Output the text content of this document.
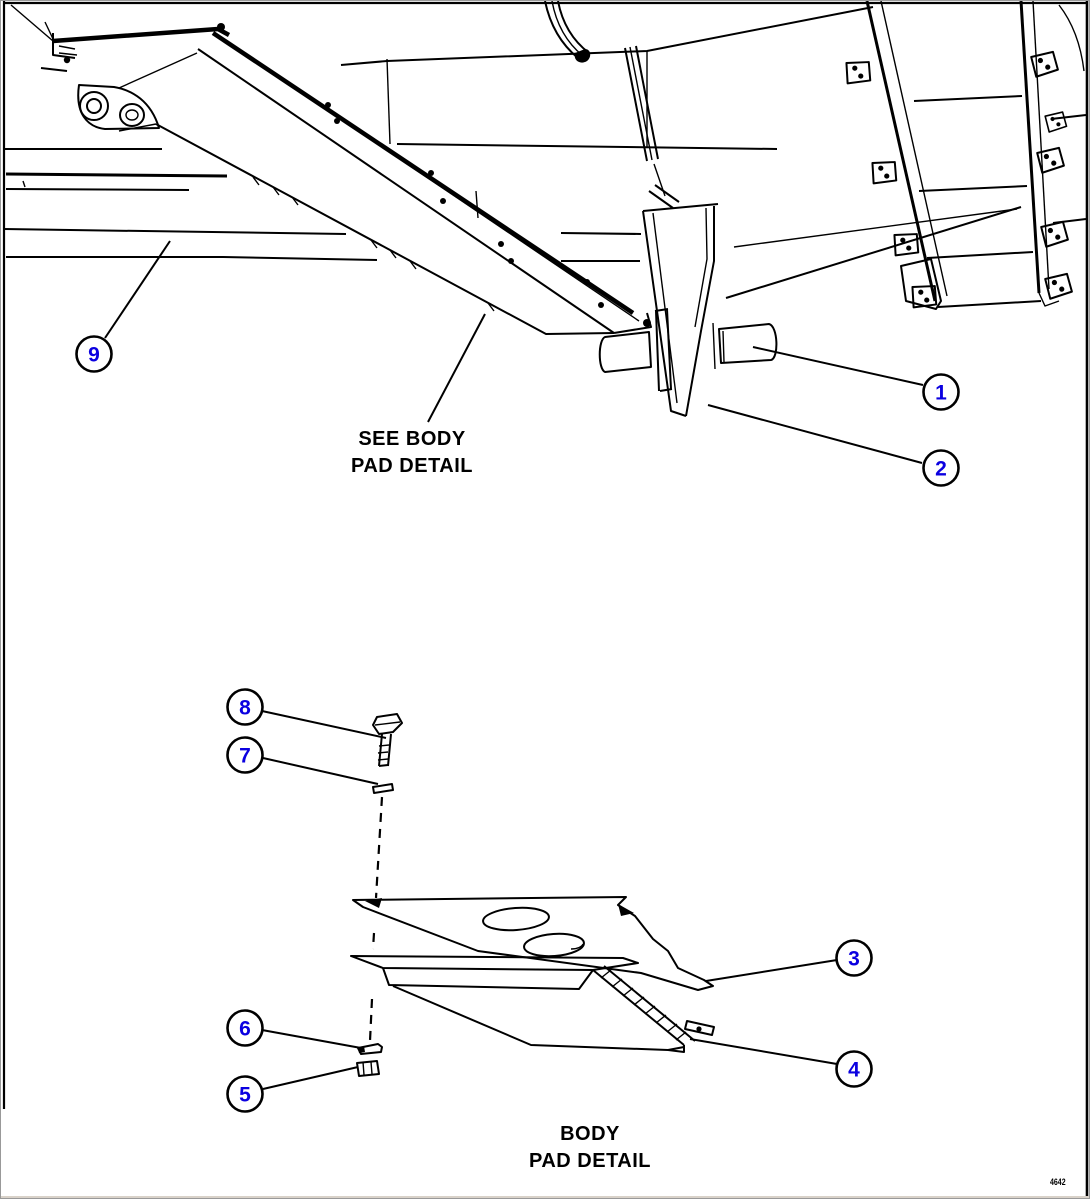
9
1
2
8
7
3
4
6
5
SEE BODY
PAD DETAIL
BODY
PAD DETAIL
4642
